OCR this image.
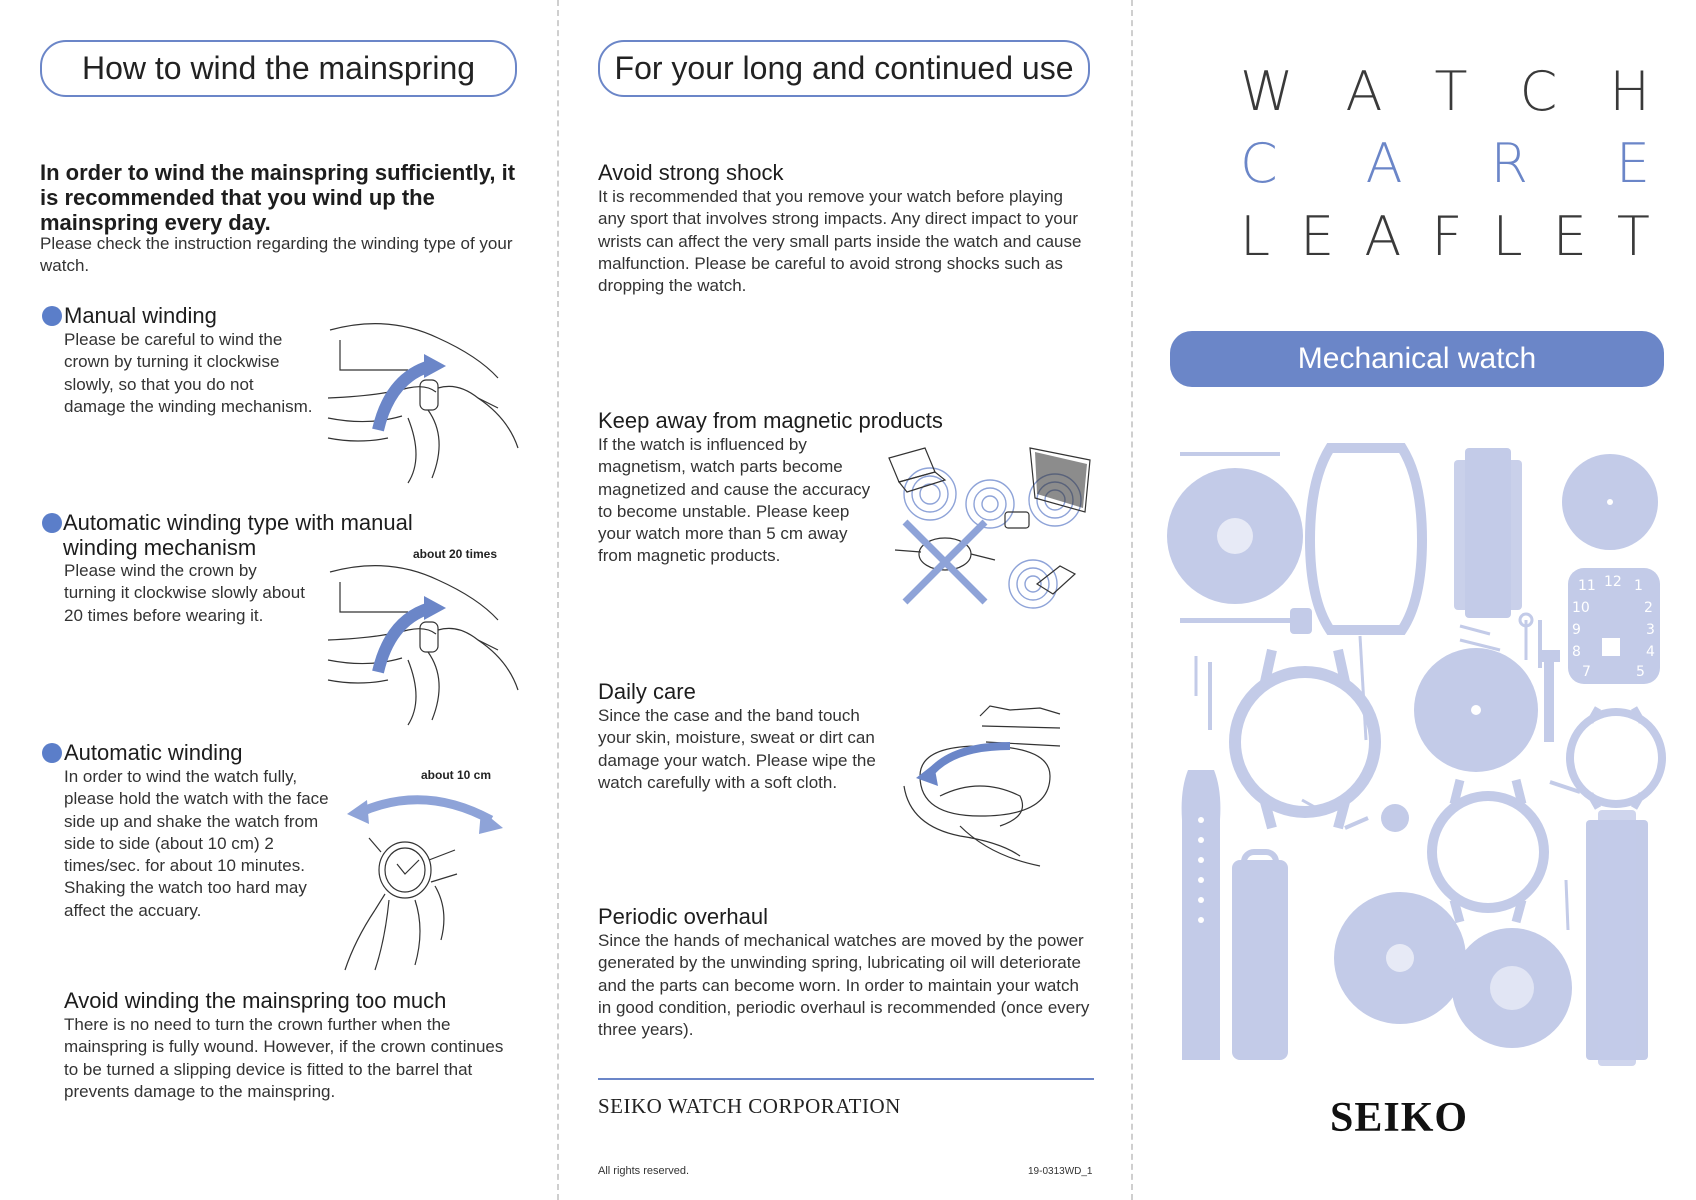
How to wind the mainspring
In order to wind the mainspring sufficiently, it is recommended that you wind up the mainspring every day.
Please check the instruction regarding the winding type of your watch.
Manual winding
Please be careful to wind the crown by turning it clockwise slowly, so that you do not damage the winding mechanism.
Automatic winding type with manual winding mechanism	about 20 times
Please wind the crown by turning it clockwise slowly about 20 times before wearing it.
Automatic winding
about 10 cm
In order to wind the watch fully, please hold the watch with the face side up and shake the watch from side to side (about 10 cm) 2 times/sec. for about 10 minutes. Shaking the watch too hard may affect the accuary.
Avoid winding the mainspring too much
There is no need to turn the crown further when the mainspring is fully wound. However, if the crown continues to be turned a slipping device is fitted to the barrel that prevents damage to the mainspring.
For your long and continued use
Avoid strong shock
It is recommended that you remove your watch before playing any sport that involves strong impacts. Any direct impact to your wrists can affect the very small parts inside the watch and cause malfunction. Please be careful to avoid strong shocks such as dropping the watch.
Keep away from magnetic products
If the watch is influenced by magnetism, watch parts become magnetized and cause the accuracy to become unstable. Please keep your watch more than 5 cm away from magnetic products.
Daily care
Since the case and the band touch your skin, moisture, sweat or dirt can damage your watch. Please wipe the watch carefully with a soft cloth.
Periodic overhaul
Since the hands of mechanical watches are moved by the power generated by the unwinding spring, lubricating oil will deteriorate and the parts can become worn. In order to maintain your watch in good condition, periodic overhaul is recommended (once every three years).
SEIKO WATCH CORPORATION
All rights reserved.	19-0313WD_1
W A T C H
C A R E
L E A F L E T
Mechanical watch
11 12 1
10	2
9	3
8	4
7	5
SEIKO
